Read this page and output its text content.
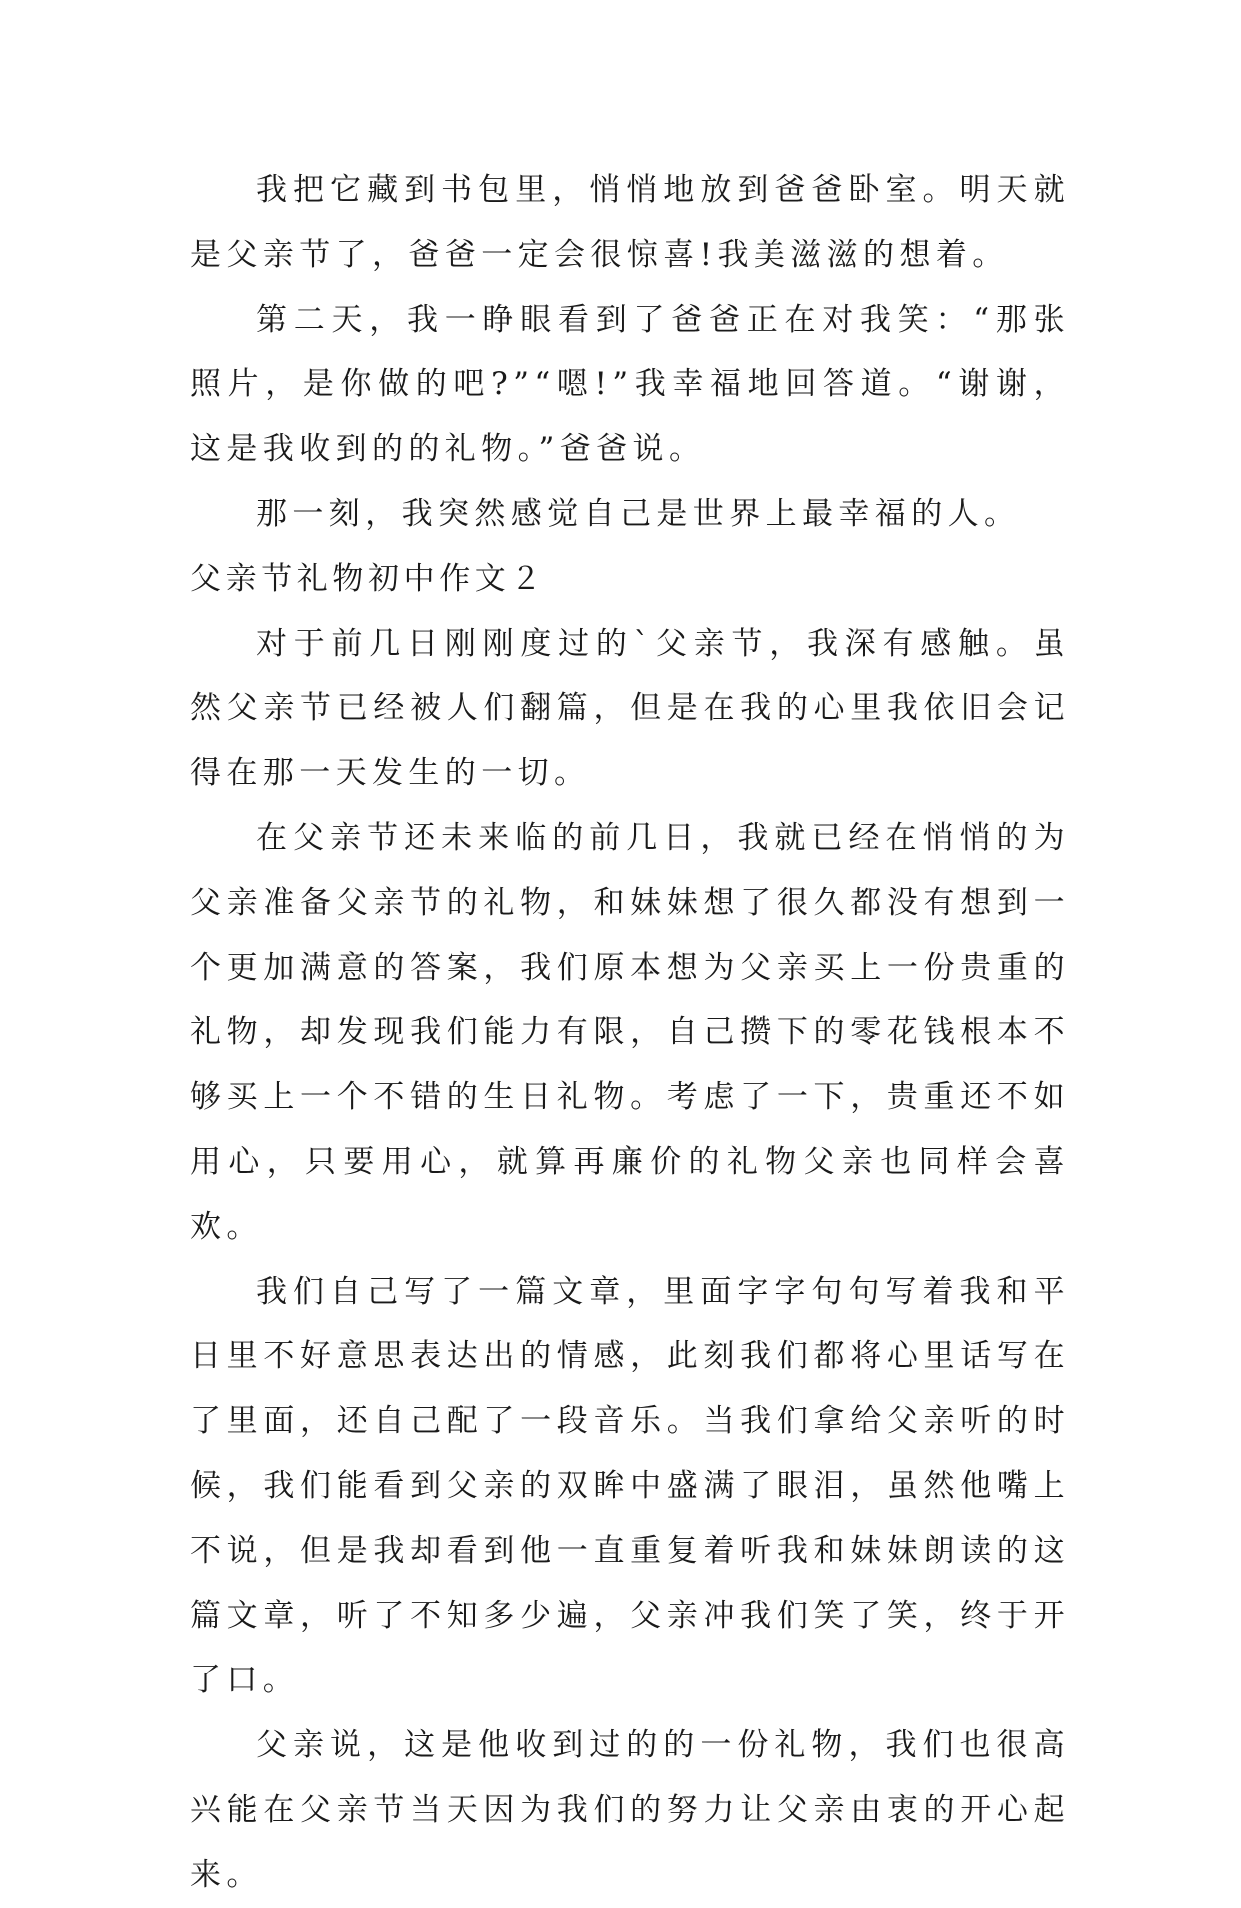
我把它藏到书包里，悄悄地放到爸爸卧室。明天就是父亲节了，爸爸一定会很惊喜!我美滋滋的想着。

第二天，我一睁眼看到了爸爸正在对我笑：“那张照片，是你做的吧?”“嗯!”我幸福地回答道。“谢谢，这是我收到的的礼物。”爸爸说。

那一刻，我突然感觉自己是世界上最幸福的人。

父亲节礼物初中作文２

对于前几日刚刚度过的`父亲节，我深有感触。虽然父亲节已经被人们翻篇，但是在我的心里我依旧会记得在那一天发生的一切。

在父亲节还未来临的前几日，我就已经在悄悄的为父亲准备父亲节的礼物，和妹妹想了很久都没有想到一个更加满意的答案，我们原本想为父亲买上一份贵重的礼物，却发现我们能力有限，自己攒下的零花钱根本不够买上一个不错的生日礼物。考虑了一下，贵重还不如用心，只要用心，就算再廉价的礼物父亲也同样会喜欢。

我们自己写了一篇文章，里面字字句句写着我和平日里不好意思表达出的情感，此刻我们都将心里话写在了里面，还自己配了一段音乐。当我们拿给父亲听的时候，我们能看到父亲的双眸中盛满了眼泪，虽然他嘴上不说，但是我却看到他一直重复着听我和妹妹朗读的这篇文章，听了不知多少遍，父亲冲我们笑了笑，终于开了口。

父亲说，这是他收到过的的一份礼物，我们也很高兴能在父亲节当天因为我们的努力让父亲由衷的开心起来。
